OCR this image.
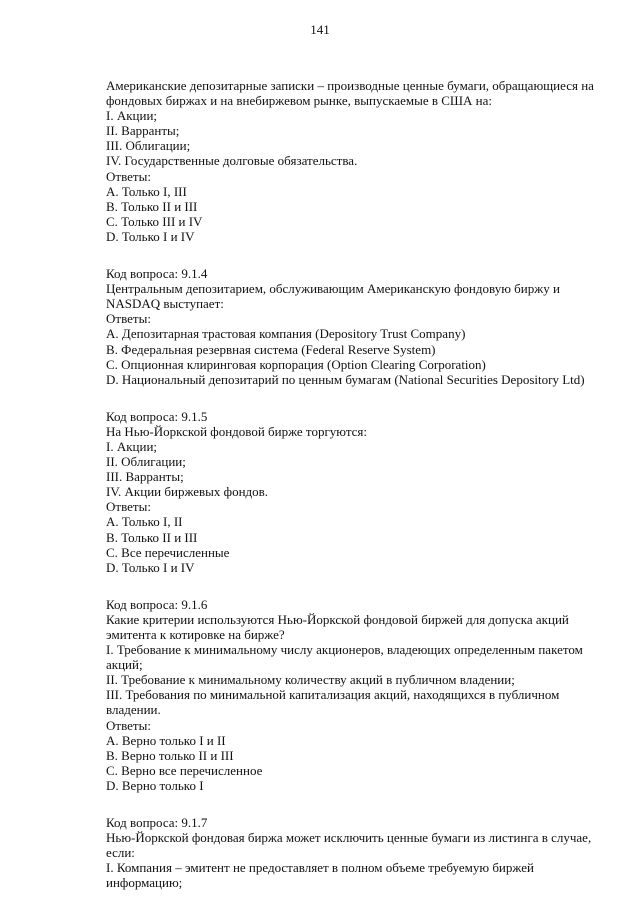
141
Американские депозитарные записки – производные ценные бумаги, обращающиеся на фондовых биржах и на внебиржевом рынке, выпускаемые в США на:
I. Акции;
II. Варранты;
III. Облигации;
IV. Государственные долговые обязательства.
Ответы:
A. Только I, III
B. Только II и III
C. Только III и IV
D. Только I и IV
Код вопроса: 9.1.4
Центральным депозитарием, обслуживающим Американскую фондовую биржу и NASDAQ выступает:
Ответы:
A. Депозитарная трастовая компания (Depository Trust Company)
B. Федеральная резервная система (Federal Reserve System)
C. Опционная клиринговая корпорация (Option Clearing Corporation)
D. Национальный депозитарий по ценным бумагам (National Securities Depository Ltd)
Код вопроса: 9.1.5
На Нью-Йоркской фондовой бирже торгуются:
I. Акции;
II. Облигации;
III. Варранты;
IV. Акции биржевых фондов.
Ответы:
A. Только I, II
B. Только II и III
C. Все перечисленные
D. Только I и IV
Код вопроса: 9.1.6
Какие критерии используются Нью-Йоркской фондовой биржей для допуска акций эмитента к котировке на бирже?
I. Требование к минимальному числу акционеров, владеющих определенным пакетом акций;
II. Требование к минимальному количеству акций в публичном владении;
III. Требования по минимальной капитализация акций, находящихся в публичном владении.
Ответы:
A. Верно только I и II
B. Верно только II и III
C. Верно все перечисленное
D. Верно только I
Код вопроса: 9.1.7
Нью-Йоркской фондовая биржа может исключить ценные бумаги из листинга в случае, если:
I. Компания – эмитент не предоставляет в полном объеме требуемую биржей информацию;
